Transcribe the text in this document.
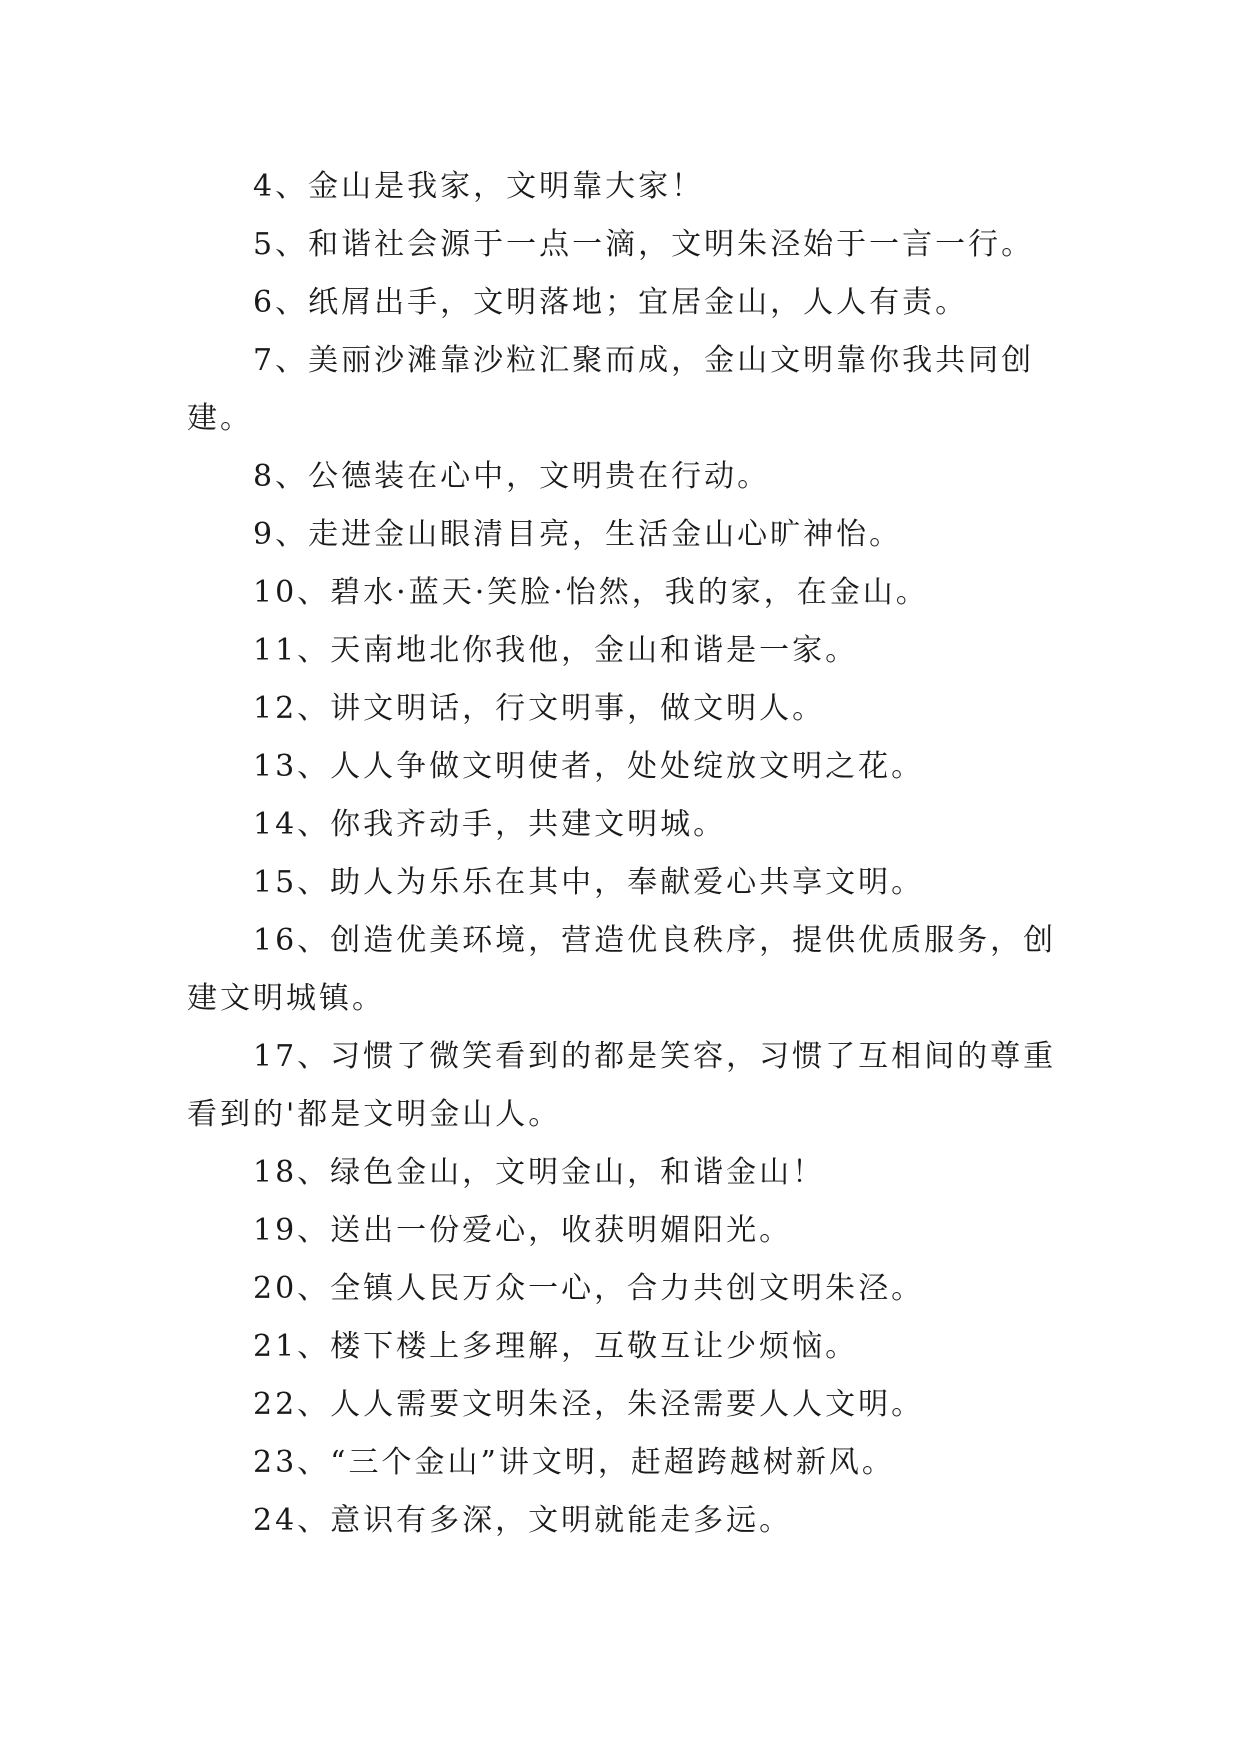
4、金山是我家，文明靠大家！

5、和谐社会源于一点一滴，文明朱泾始于一言一行。

6、纸屑出手，文明落地；宜居金山，人人有责。

7、美丽沙滩靠沙粒汇聚而成，金山文明靠你我共同创建。

8、公德装在心中，文明贵在行动。

9、走进金山眼清目亮，生活金山心旷神怡。

10、碧水·蓝天·笑脸·怡然，我的家，在金山。

11、天南地北你我他，金山和谐是一家。

12、讲文明话，行文明事，做文明人。

13、人人争做文明使者，处处绽放文明之花。

14、你我齐动手，共建文明城。

15、助人为乐乐在其中，奉献爱心共享文明。

16、创造优美环境，营造优良秩序，提供优质服务，创建文明城镇。

17、习惯了微笑看到的都是笑容，习惯了互相间的尊重看到的'都是文明金山人。

18、绿色金山，文明金山，和谐金山！

19、送出一份爱心，收获明媚阳光。

20、全镇人民万众一心，合力共创文明朱泾。

21、楼下楼上多理解，互敬互让少烦恼。

22、人人需要文明朱泾，朱泾需要人人文明。

23、“三个金山”讲文明，赶超跨越树新风。

24、意识有多深，文明就能走多远。
